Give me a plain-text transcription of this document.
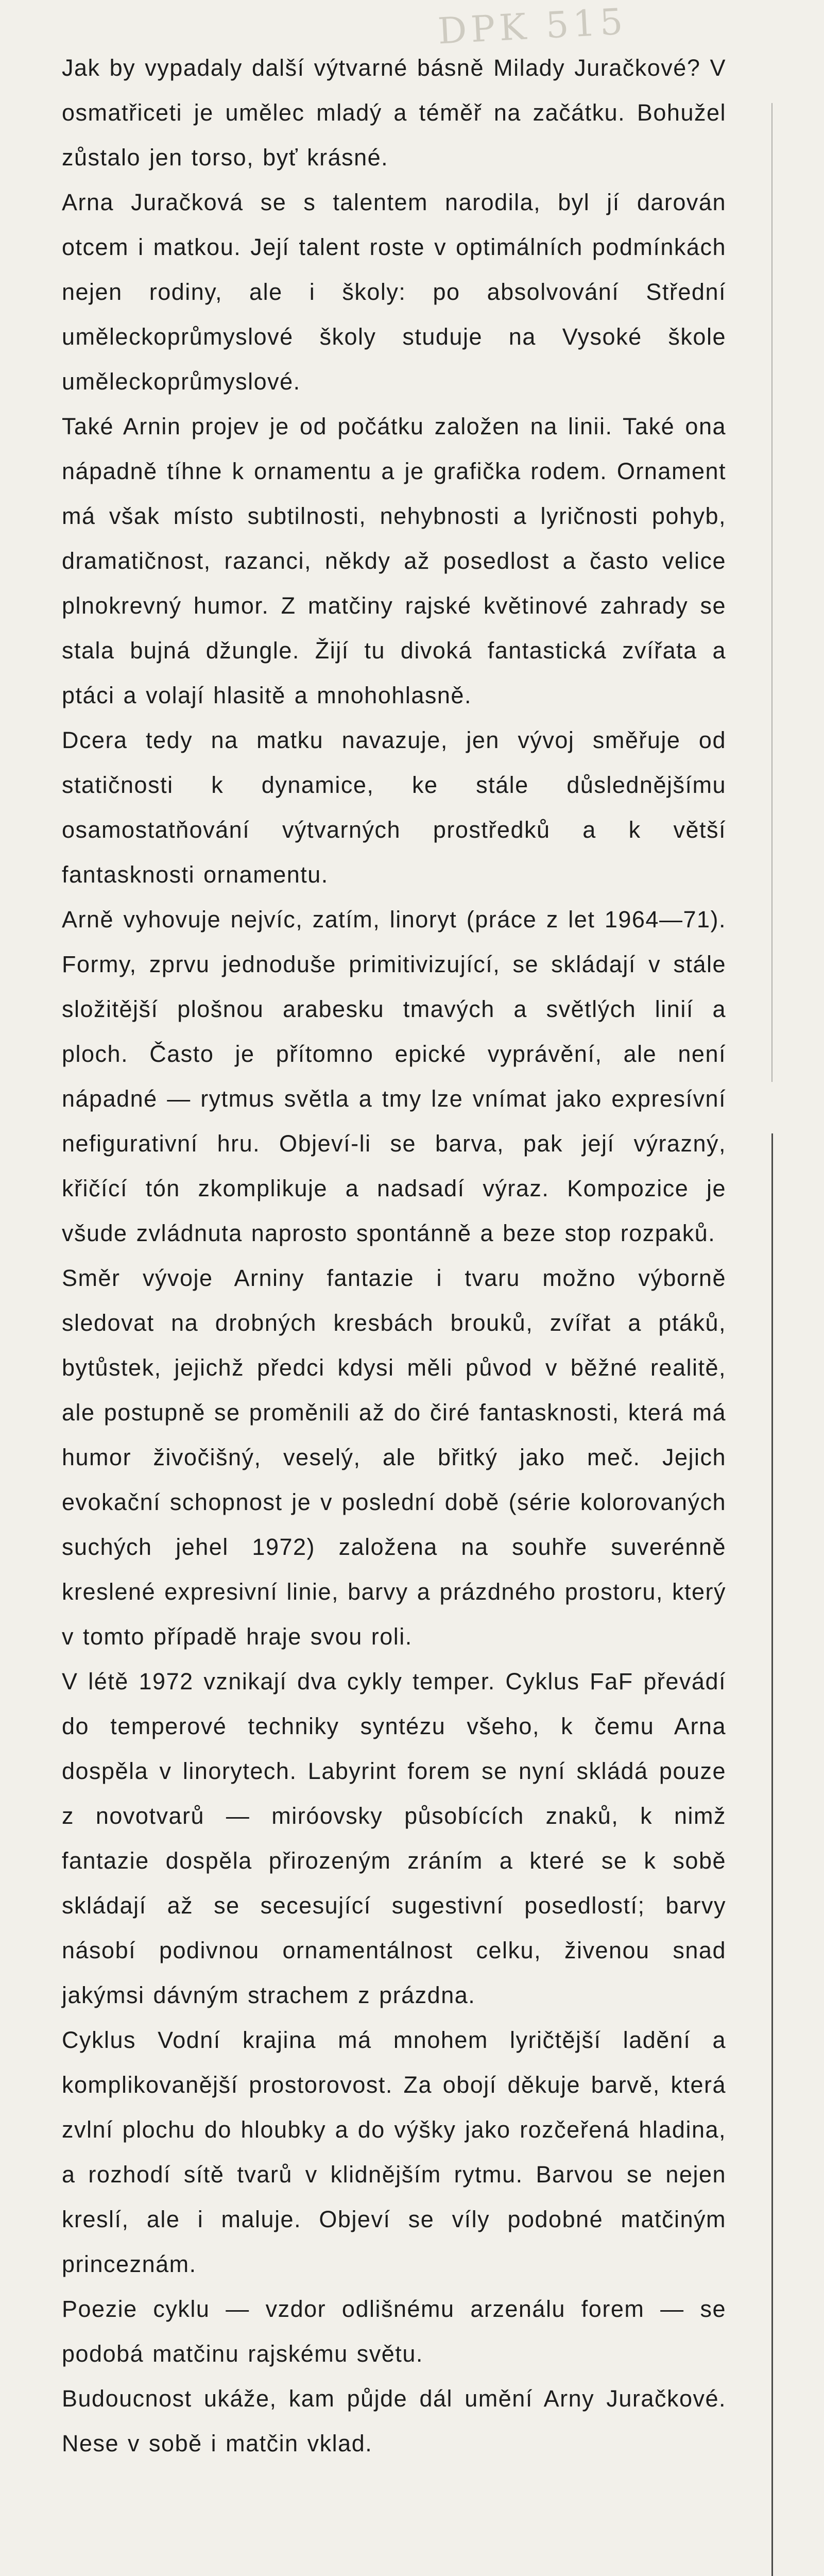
DPK 515

Jak by vypadaly další výtvarné básně Milady Juračkové? V osmatřiceti je umělec mladý a téměř na začátku. Bohužel zůstalo jen torso, byť krásné.

Arna Juračková se s talentem narodila, byl jí darován otcem i matkou. Její talent roste v optimálních podmínkách nejen rodiny, ale i školy: po absolvování Střední uměleckoprůmyslové školy studuje na Vysoké škole uměleckoprůmyslové.

Také Arnin projev je od počátku založen na linii. Také ona nápadně tíhne k ornamentu a je grafička rodem. Ornament má však místo subtilnosti, nehybnosti a lyričnosti pohyb, dramatičnost, razanci, někdy až posedlost a často velice plnokrevný humor. Z matčiny rajské květinové zahrady se stala bujná džungle. Žijí tu divoká fantastická zvířata a ptáci a volají hlasitě a mnohohlasně.

Dcera tedy na matku navazuje, jen vývoj směřuje od statičnosti k dynamice, ke stále důslednějšímu osamostatňování výtvarných prostředků a k větší fantasknosti ornamentu.

Arně vyhovuje nejvíc, zatím, linoryt (práce z let 1964—71). Formy, zprvu jednoduše primitivizující, se skládají v stále složitější plošnou arabesku tmavých a světlých linií a ploch. Často je přítomno epické vyprávění, ale není nápadné — rytmus světla a tmy lze vnímat jako expresívní nefigurativní hru. Objeví-li se barva, pak její výrazný, křičící tón zkomplikuje a nadsadí výraz. Kompozice je všude zvládnuta naprosto spontánně a beze stop rozpaků.

Směr vývoje Arniny fantazie i tvaru možno výborně sledovat na drobných kresbách brouků, zvířat a ptáků, bytůstek, jejichž předci kdysi měli původ v běžné realitě, ale postupně se proměnili až do čiré fantasknosti, která má humor živočišný, veselý, ale břitký jako meč. Jejich evokační schopnost je v poslední době (série kolorovaných suchých jehel 1972) založena na souhře suverénně kreslené expresivní linie, barvy a prázdného prostoru, který v tomto případě hraje svou roli.

V létě 1972 vznikají dva cykly temper. Cyklus FaF převádí do temperové techniky syntézu všeho, k čemu Arna dospěla v linorytech. Labyrint forem se nyní skládá pouze z novotvarů — miróovsky působících znaků, k nimž fantazie dospěla přirozeným zráním a které se k sobě skládají až se secesující sugestivní posedlostí; barvy násobí podivnou ornamentálnost celku, živenou snad jakýmsi dávným strachem z prázdna.

Cyklus Vodní krajina má mnohem lyričtější ladění a komplikovanější prostorovost. Za obojí děkuje barvě, která zvlní plochu do hloubky a do výšky jako rozčeřená hladina, a rozhodí sítě tvarů v klidnějším rytmu. Barvou se nejen kreslí, ale i maluje. Objeví se víly podobné matčiným princeznám.

Poezie cyklu — vzdor odlišnému arzenálu forem — se podobá matčinu rajskému světu.

Budoucnost ukáže, kam půjde dál umění Arny Juračkové. Nese v sobě i matčin vklad.
